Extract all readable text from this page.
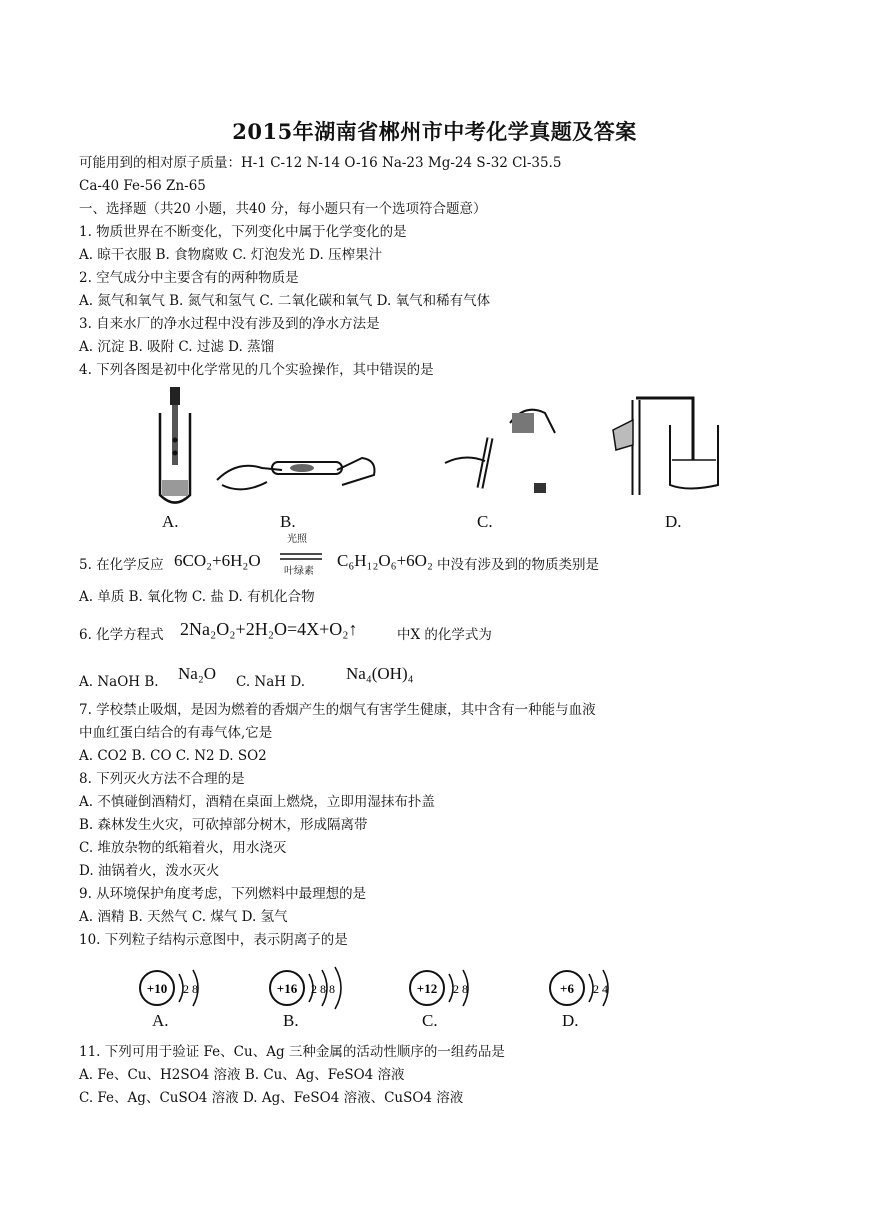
2015年湖南省郴州市中考化学真题及答案
可能用到的相对原子质量：H-1 C-12 N-14 O-16 Na-23 Mg-24 S-32 Cl-35.5
Ca-40 Fe-56 Zn-65
一、选择题（共20 小题，共40 分，每小题只有一个选项符合题意）
1. 物质世界在不断变化，下列变化中属于化学变化的是
A. 晾干衣服 B. 食物腐败 C. 灯泡发光 D. 压榨果汁
2. 空气成分中主要含有的两种物质是
A. 氮气和氧气 B. 氮气和氢气 C. 二氧化碳和氧气 D. 氧气和稀有气体
3. 自来水厂的净水过程中没有涉及到的净水方法是
A. 沉淀 B. 吸附 C. 过滤 D. 蒸馏
4. 下列各图是初中化学常见的几个实验操作，其中错误的是
A.	B.	C.	D.
5. 在化学反应 6CO₂+6H₂O
光照
叶绿素
C₆H₁₂O₆+6O₂ 中没有涉及到的物质类别是
A. 单质 B. 氧化物 C. 盐 D. 有机化合物
6. 化学方程式 2Na₂O₂+2H₂O=4X+O₂↑	中X 的化学式为
A. NaOH B. Na₂O C. NaH D. Na₄(OH)₄
7. 学校禁止吸烟，是因为燃着的香烟产生的烟气有害学生健康，其中含有一种能与血液
中血红蛋白结合的有毒气体,它是
A. CO2 B. CO C. N2 D. SO2
8. 下列灭火方法不合理的是
A. 不慎碰倒酒精灯，酒精在桌面上燃烧，立即用湿抹布扑盖
B. 森林发生火灾，可砍掉部分树木，形成隔离带
C. 堆放杂物的纸箱着火，用水浇灭
D. 油锅着火，泼水灭火
9. 从环境保护角度考虑，下列燃料中最理想的是
A. 酒精 B. 天然气 C. 煤气 D. 氢气
10. 下列粒子结构示意图中，表示阴离子的是
+10 2 8	+16 2 8 8	+12 2 8	+6 2 4
A.	B.	C.	D.
11. 下列可用于验证 Fe、Cu、Ag 三种金属的活动性顺序的一组药品是
A. Fe、Cu、H2SO4 溶液 B. Cu、Ag、FeSO4 溶液
C. Fe、Ag、CuSO4 溶液 D. Ag、FeSO4 溶液、CuSO4 溶液
